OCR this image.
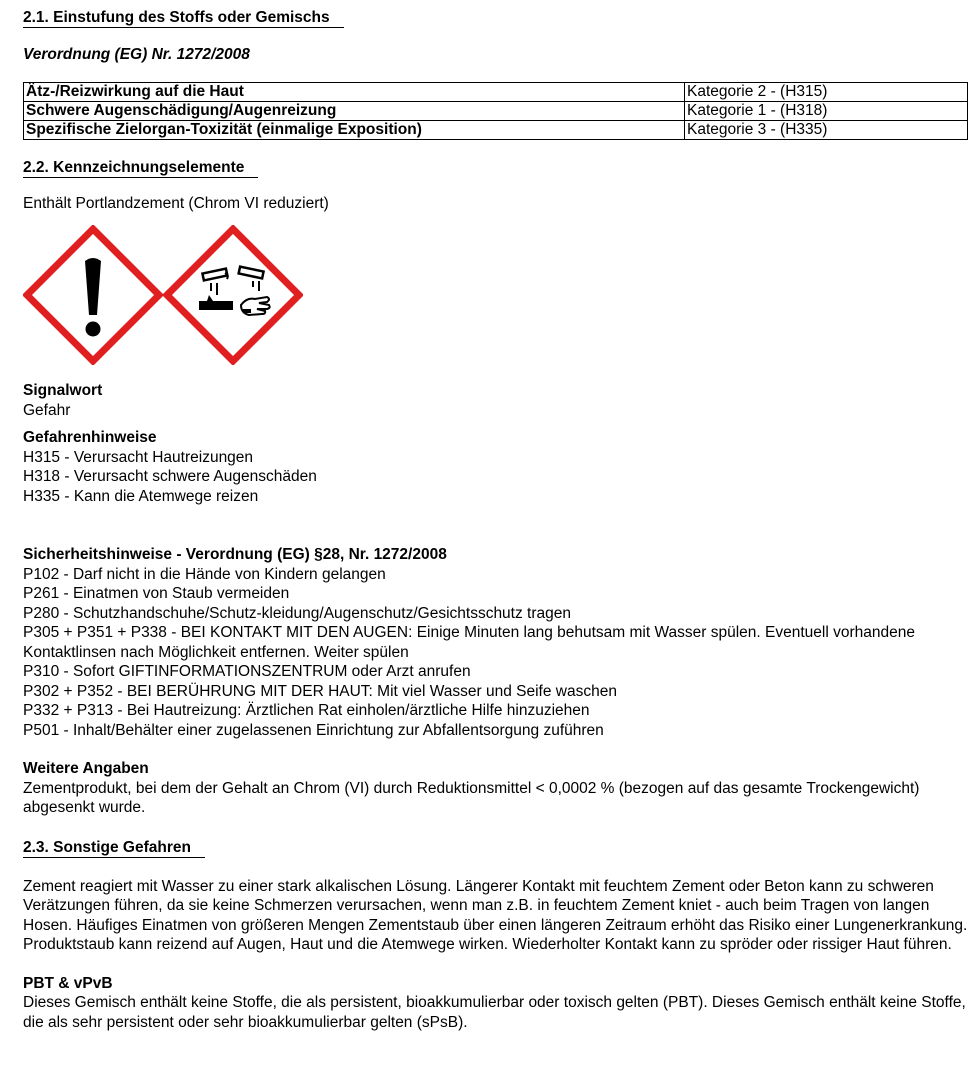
2.1. Einstufung des Stoffs oder Gemischs

Verordnung (EG) Nr. 1272/2008

Ätz-/Reizwirkung auf die Haut	Kategorie 2 - (H315)
Schwere Augenschädigung/Augenreizung	Kategorie 1 - (H318)
Spezifische Zielorgan-Toxizität (einmalige Exposition)	Kategorie 3 - (H335)
2.2. Kennzeichnungselemente

Enthält Portlandzement (Chrom VI reduziert)

Signalwort

Gefahr

Gefahrenhinweise

H315 - Verursacht Hautreizungen

H318 - Verursacht schwere Augenschäden

H335 - Kann die Atemwege reizen

Sicherheitshinweise - Verordnung (EG) §28, Nr. 1272/2008

P102 - Darf nicht in die Hände von Kindern gelangen

P261 - Einatmen von Staub vermeiden

P280 - Schutzhandschuhe/Schutz-kleidung/Augenschutz/Gesichtsschutz tragen

P305 + P351 + P338 - BEI KONTAKT MIT DEN AUGEN: Einige Minuten lang behutsam mit Wasser spülen. Eventuell vorhandene Kontaktlinsen nach Möglichkeit entfernen. Weiter spülen

P310 - Sofort GIFTINFORMATIONSZENTRUM oder Arzt anrufen

P302 + P352 - BEI BERÜHRUNG MIT DER HAUT: Mit viel Wasser und Seife waschen

P332 + P313 - Bei Hautreizung: Ärztlichen Rat einholen/ärztliche Hilfe hinzuziehen

P501 - Inhalt/Behälter einer zugelassenen Einrichtung zur Abfallentsorgung zuführen

Weitere Angaben

Zementprodukt, bei dem der Gehalt an Chrom (VI) durch Reduktionsmittel < 0,0002 % (bezogen auf das gesamte Trockengewicht) abgesenkt wurde.

2.3. Sonstige Gefahren

Zement reagiert mit Wasser zu einer stark alkalischen Lösung. Längerer Kontakt mit feuchtem Zement oder Beton kann zu schweren Verätzungen führen, da sie keine Schmerzen verursachen, wenn man z.B. in feuchtem Zement kniet - auch beim Tragen von langen   Hosen. Häufiges Einatmen von größeren Mengen Zementstaub über einen längeren Zeitraum erhöht das Risiko einer Lungenerkrankung. Produktstaub kann reizend auf Augen, Haut und die Atemwege wirken. Wiederholter Kontakt kann zu spröder oder rissiger Haut führen.

PBT & vPvB

Dieses Gemisch enthält keine Stoffe, die als persistent, bioakkumulierbar oder toxisch gelten (PBT). Dieses Gemisch enthält keine Stoffe, die als sehr persistent oder sehr bioakkumulierbar gelten (sPsB).
